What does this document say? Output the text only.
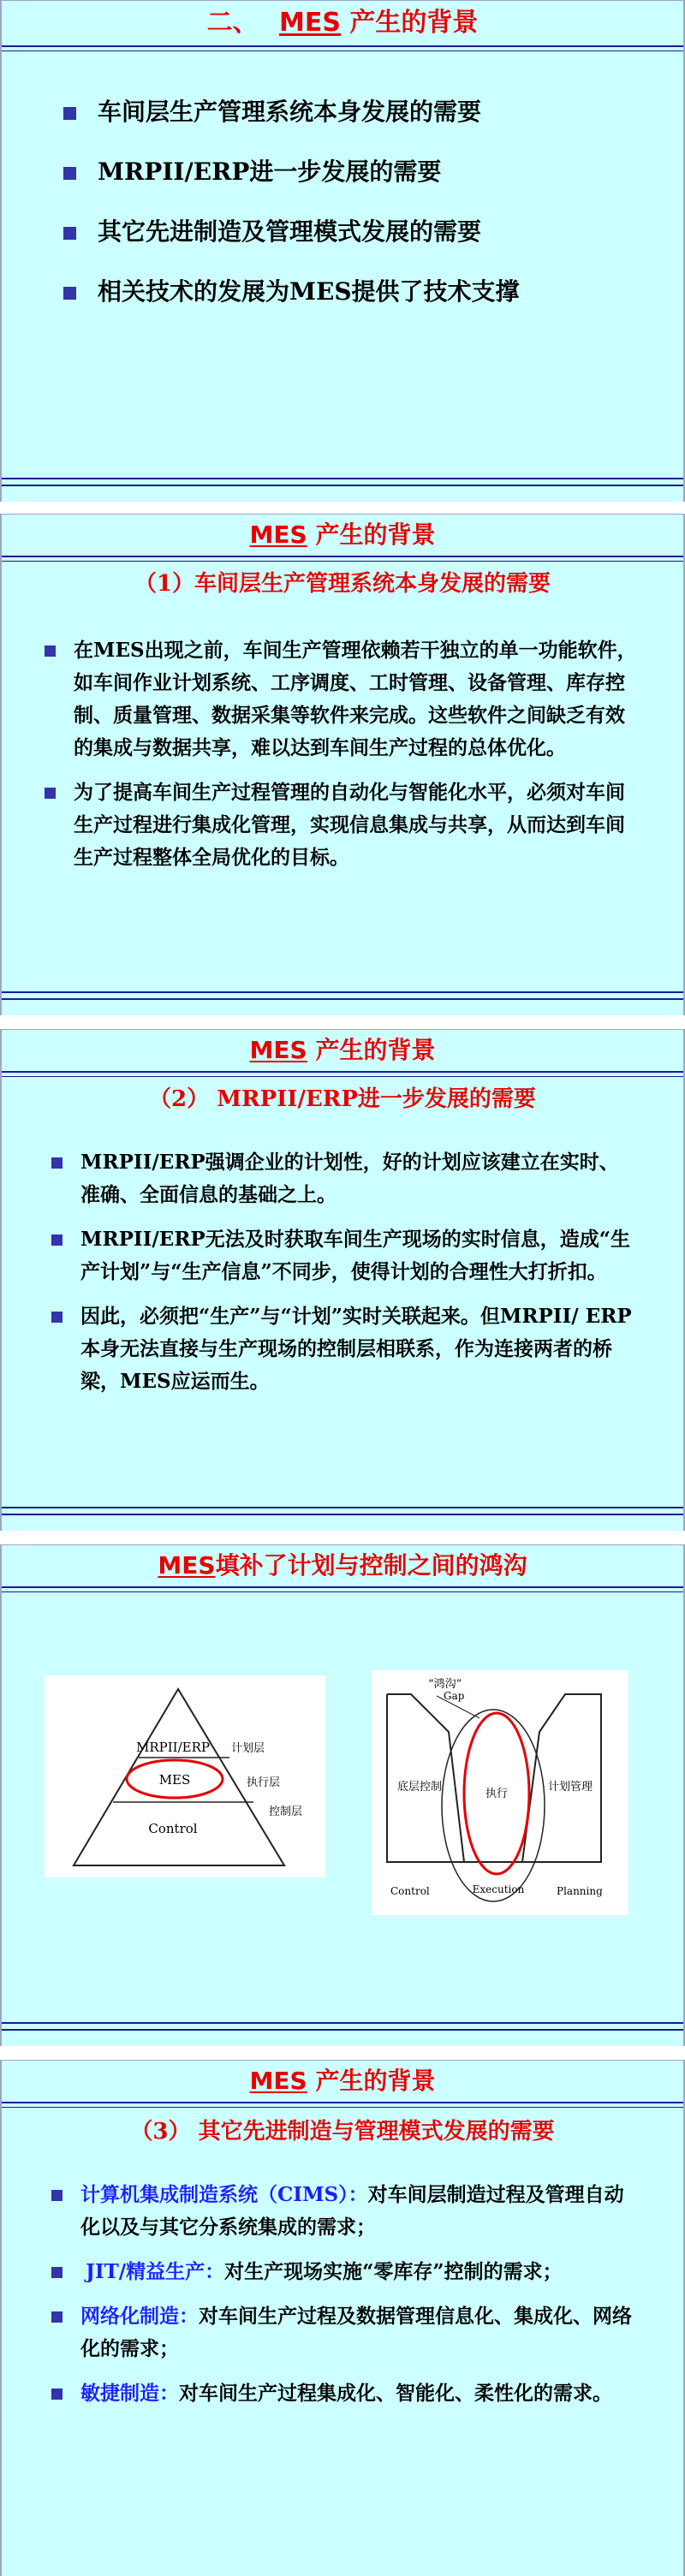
二、 MES 产生的背景
车间层生产管理系统本身发展的需要
MRPII/ERP进一步发展的需要
其它先进制造及管理模式发展的需要
相关技术的发展为MES提供了技术支撑
MES 产生的背景
（1）车间层生产管理系统本身发展的需要
在MES出现之前，车间生产管理依赖若干独立的单一功能软件，如车间作业计划系统、工序调度、工时管理、设备管理、库存控制、质量管理、数据采集等软件来完成。这些软件之间缺乏有效的集成与数据共享，难以达到车间生产过程的总体优化。
为了提高车间生产过程管理的自动化与智能化水平，必须对车间生产过程进行集成化管理，实现信息集成与共享，从而达到车间生产过程整体全局优化的目标。
MES 产生的背景
（2） MRPII/ERP进一步发展的需要
MRPII/ERP强调企业的计划性，好的计划应该建立在实时、准确、全面信息的基础之上。
MRPII/ERP无法及时获取车间生产现场的实时信息，造成“生产计划”与“生产信息”不同步，使得计划的合理性大打折扣。
因此，必须把“生产”与“计划”实时关联起来。但MRPII/ ERP本身无法直接与生产现场的控制层相联系，作为连接两者的桥梁，MES应运而生。
MES填补了计划与控制之间的鸿沟
MRPII/ERP 计划层
MES	执行层
Control
控制层
“鸿沟”
Gap
底层控制
执行
计划管理
Control	Execution	Planning
MES 产生的背景
（3） 其它先进制造与管理模式发展的需要
计算机集成制造系统（CIMS）：对车间层制造过程及管理自动化以及与其它分系统集成的需求；
JIT/精益生产：对生产现场实施“零库存”控制的需求；
网络化制造：对车间生产过程及数据管理信息化、集成化、网络化的需求；
敏捷制造：对车间生产过程集成化、智能化、柔性化的需求。
